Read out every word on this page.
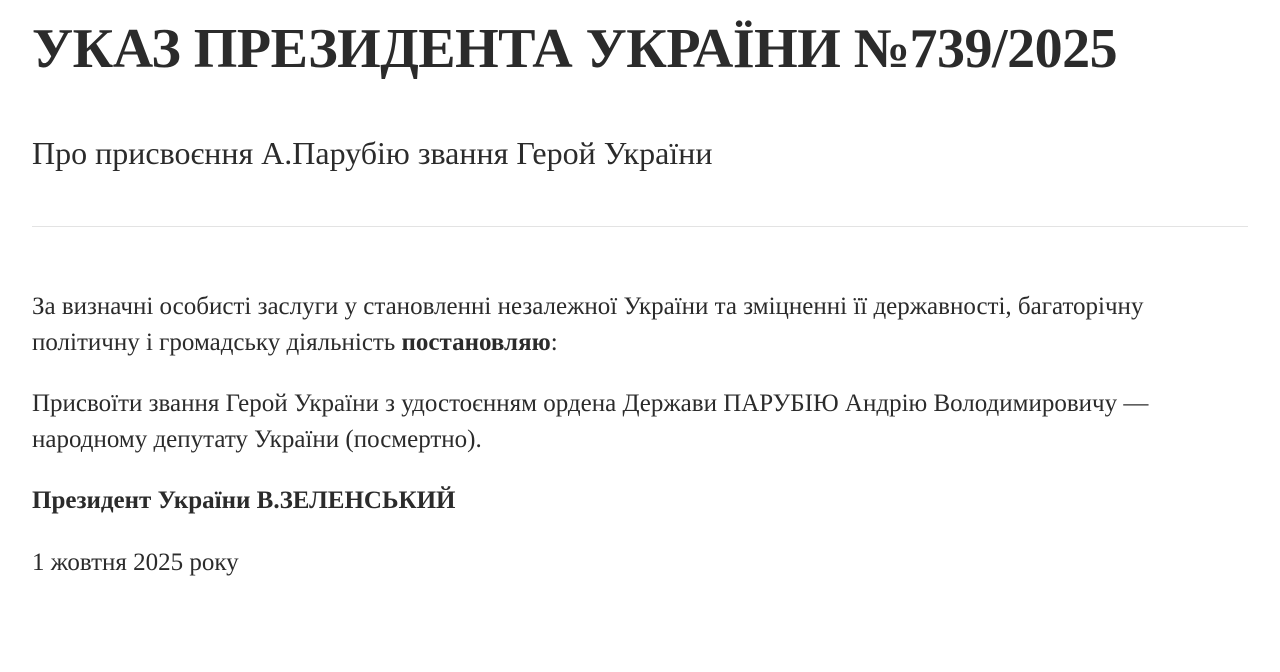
УКАЗ ПРЕЗИДЕНТА УКРАЇНИ №739/2025
Про присвоєння А.Парубію звання Герой України

За визначні особисті заслуги у становленні незалежної України та зміцненні її державності, багаторічну політичну і громадську діяльність постановляю:

Присвоїти звання Герой України з удостоєнням ордена Держави ПАРУБІЮ Андрію Володимировичу — народному депутату України (посмертно).

Президент України В.ЗЕЛЕНСЬКИЙ

1 жовтня 2025 року
